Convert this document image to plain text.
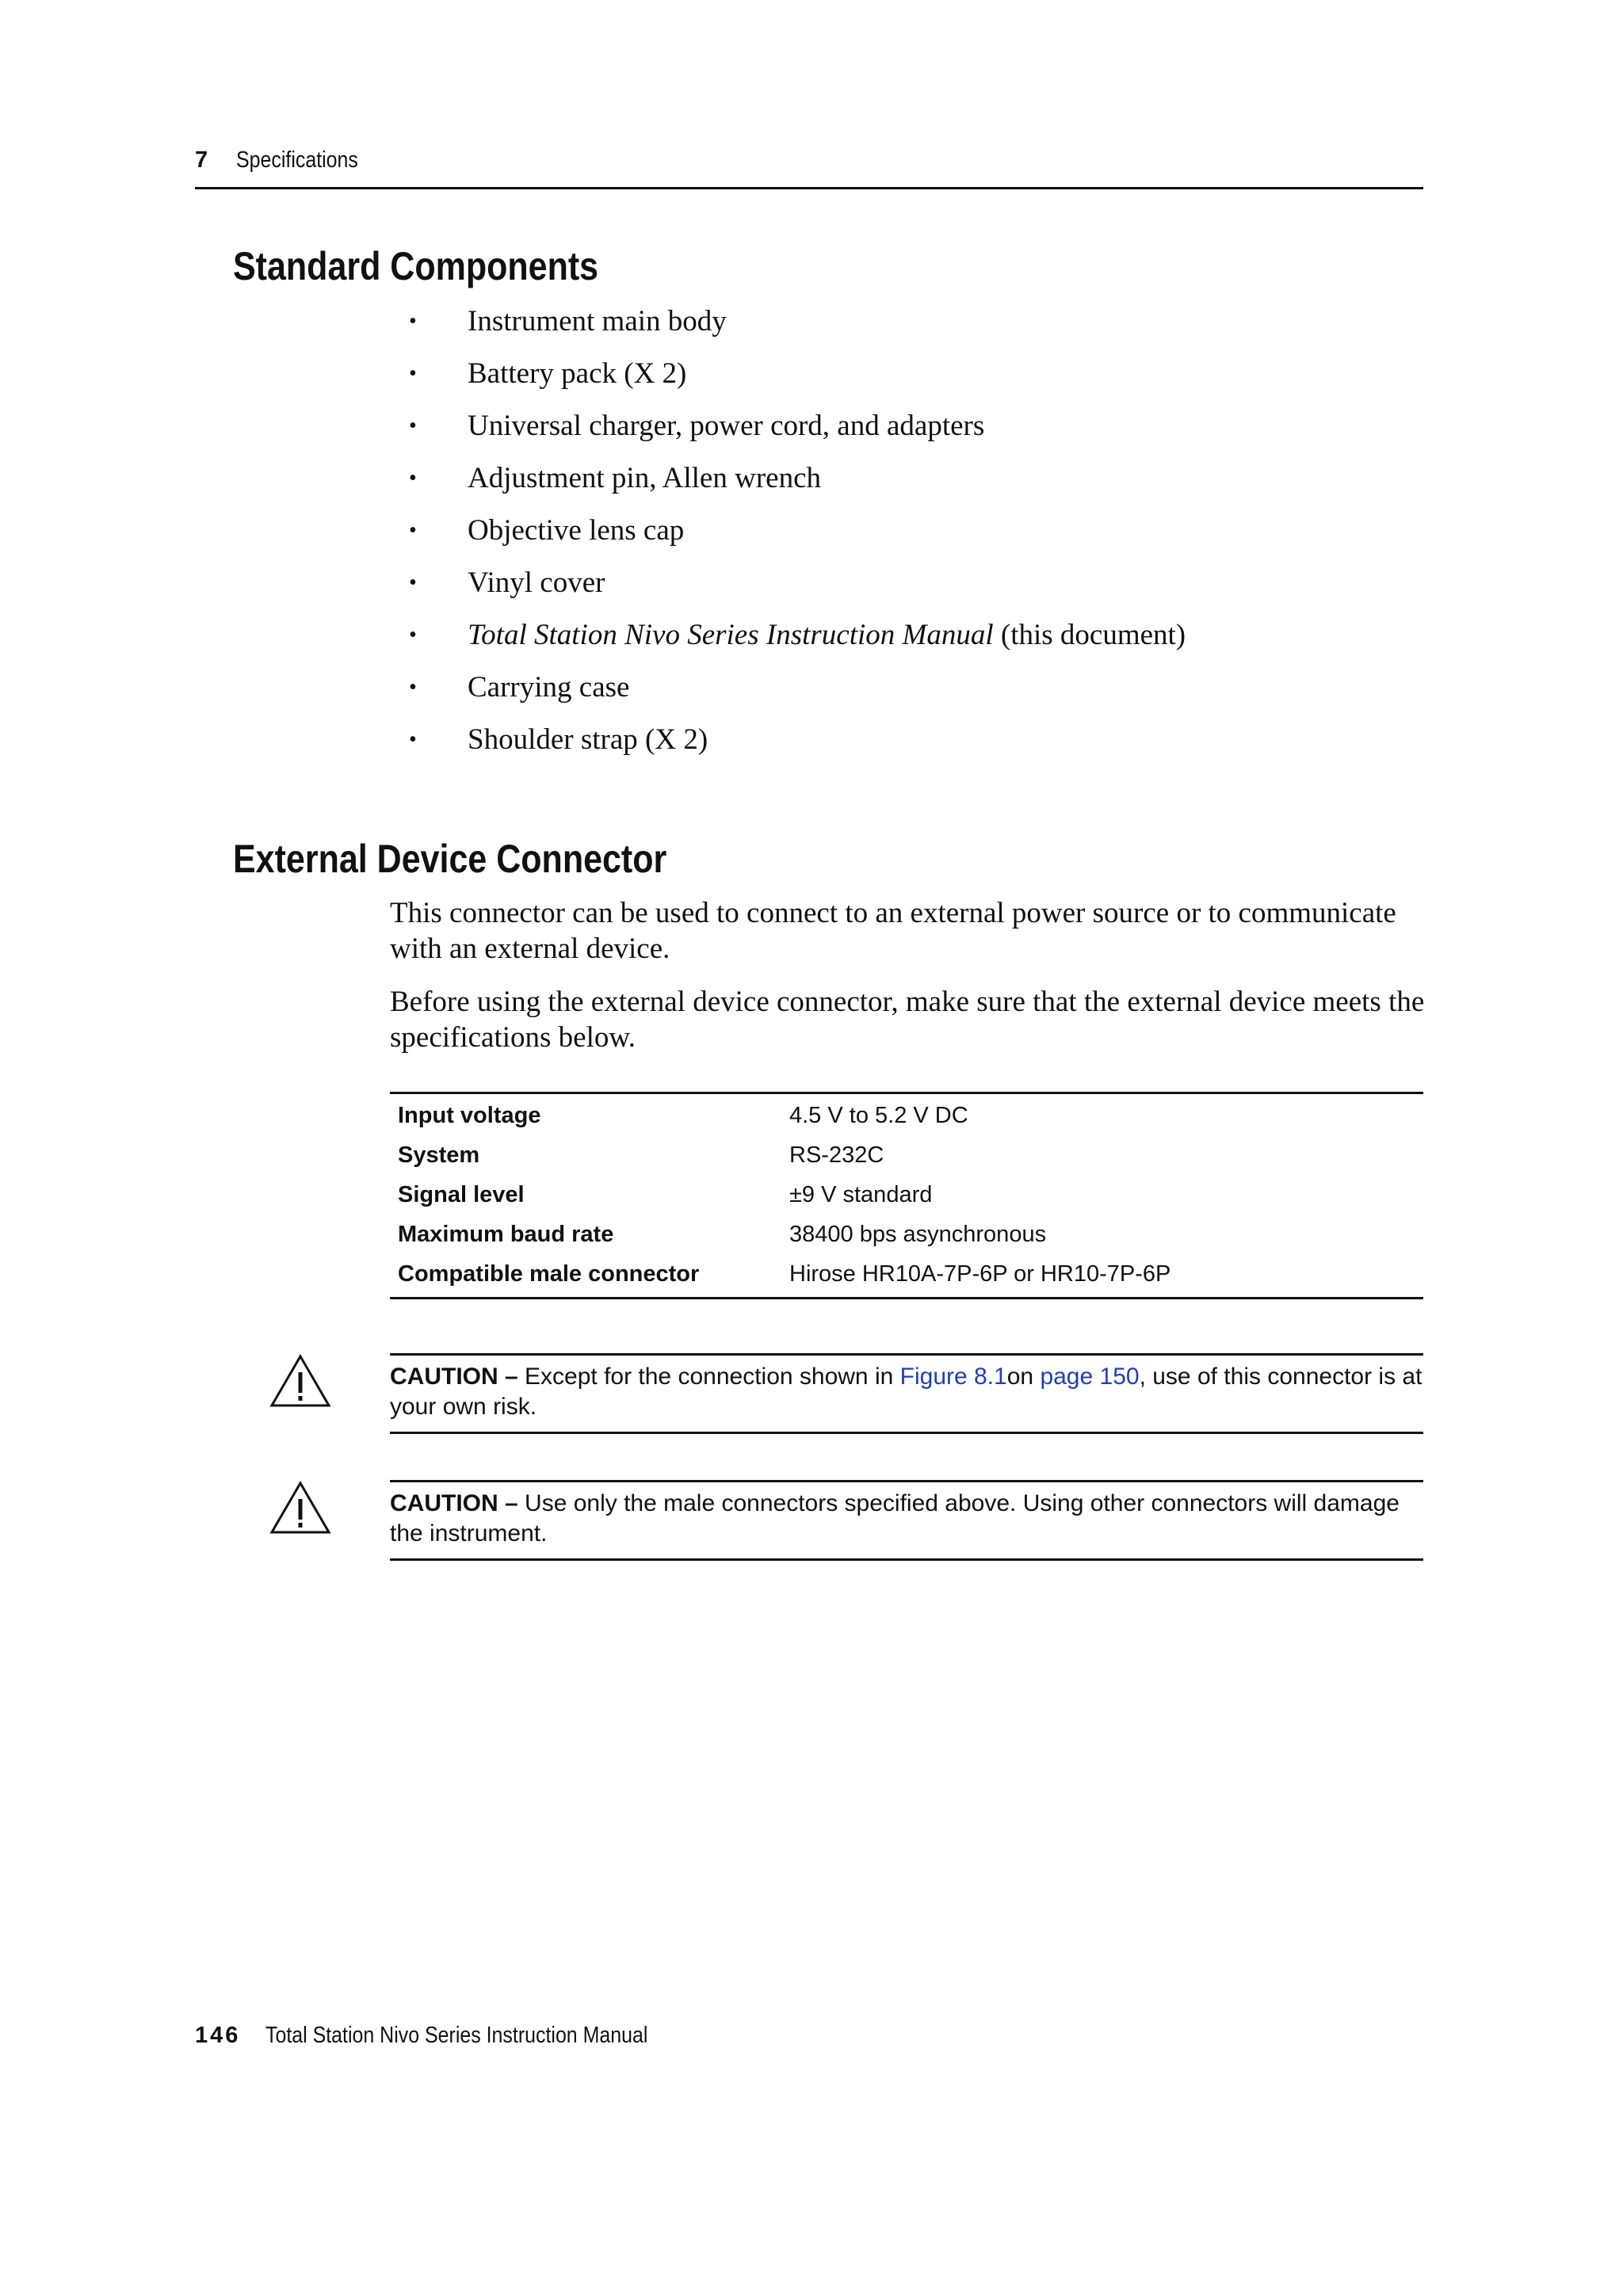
7 Specifications
Standard Components
• Instrument main body
• Battery pack (X 2)
• Universal charger, power cord, and adapters
• Adjustment pin, Allen wrench
• Objective lens cap
• Vinyl cover
• Total Station Nivo Series Instruction Manual (this document)
• Carrying case
• Shoulder strap (X 2)
External Device Connector

This connector can be used to connect to an external power source or to communicate with an external device.

Before using the external device connector, make sure that the external device meets the specifications below.

Input voltage	4.5 V to 5.2 V DC
System	RS-232C
Signal level	±9 V standard
Maximum baud rate	38400 bps asynchronous
Compatible male connector	Hirose HR10A-7P-6P or HR10-7P-6P
CAUTION – Except for the connection shown in Figure 8.1on page 150, use of this connector is at your own risk.
CAUTION – Use only the male connectors specified above. Using other connectors will damage the instrument.
146 Total Station Nivo Series Instruction Manual
